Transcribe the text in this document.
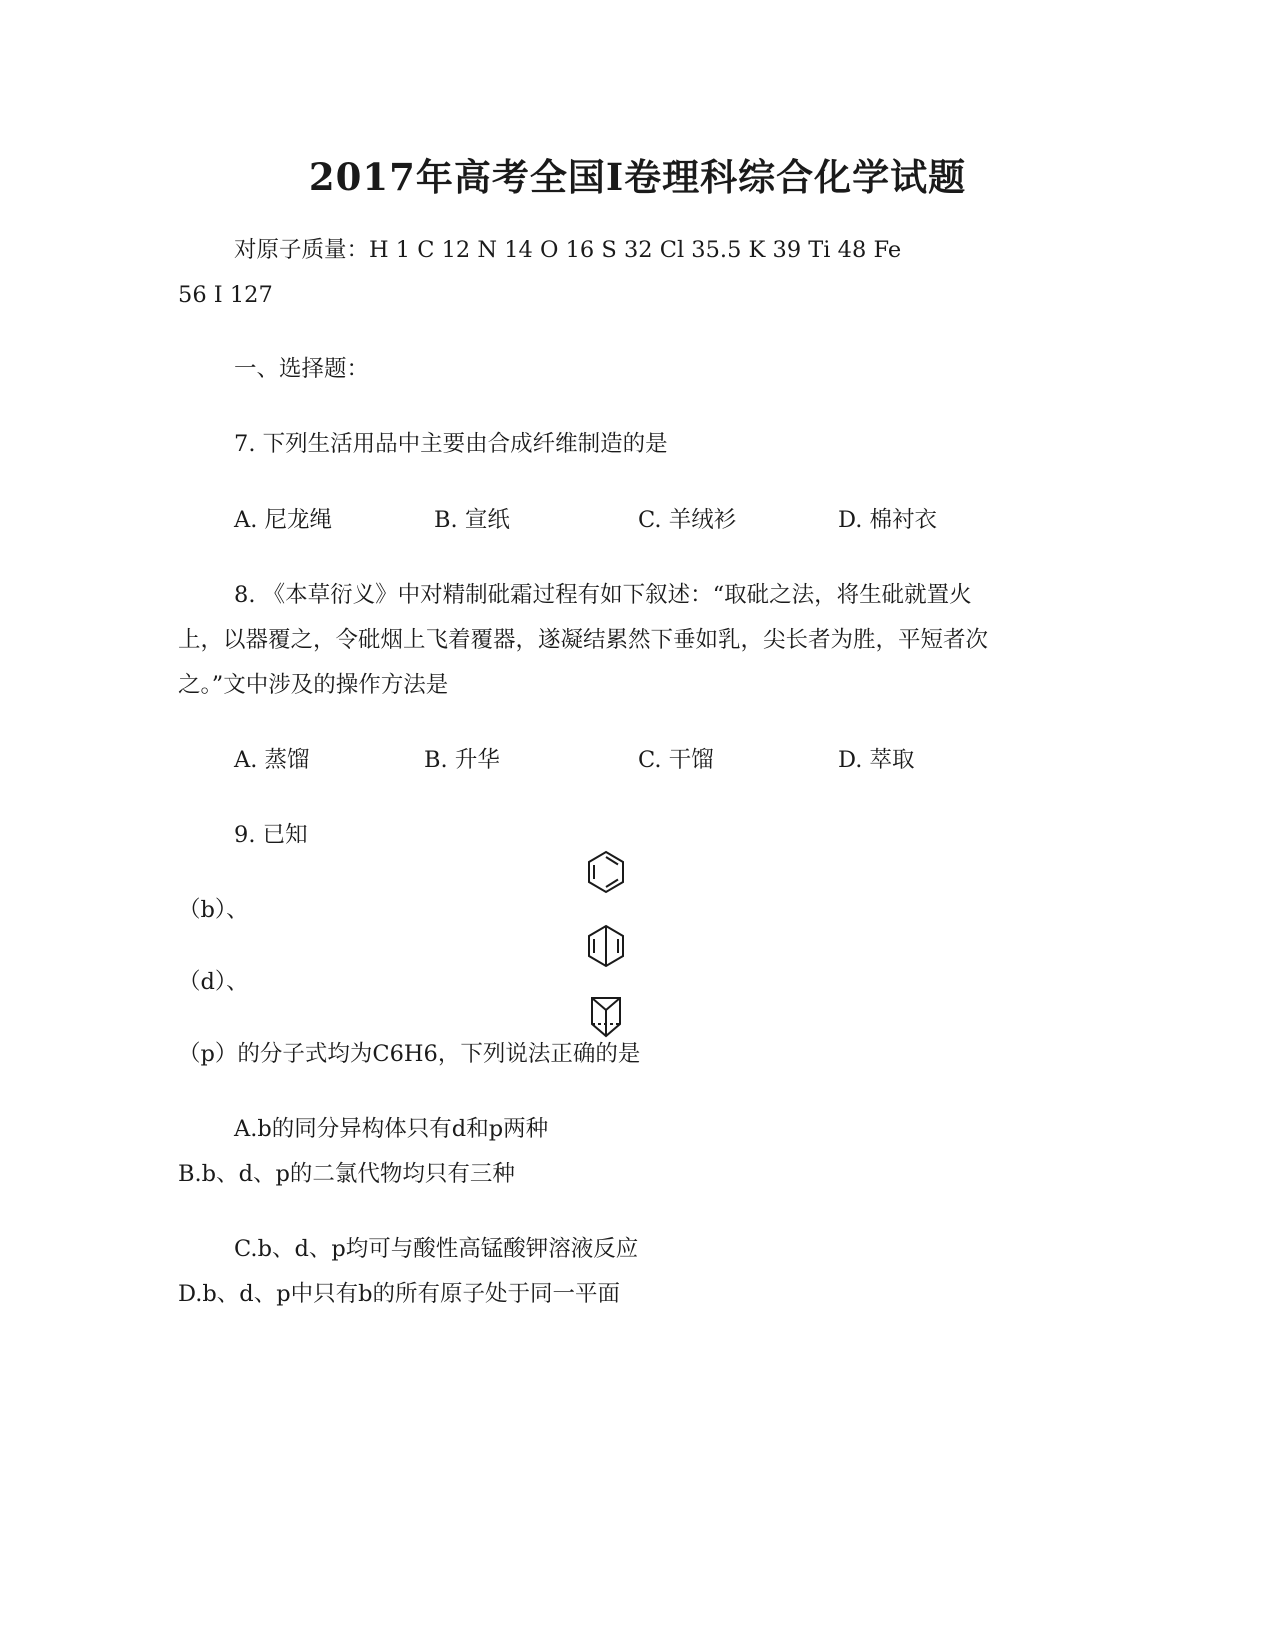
2017年高考全国Ⅰ卷理科综合化学试题
对原子质量：H 1 C 12 N 14 O 16 S 32 Cl 35.5 K 39 Ti 48 Fe
56 I 127
一、选择题：
7. 下列生活用品中主要由合成纤维制造的是
A. 尼龙绳	B. 宣纸	C. 羊绒衫	D. 棉衬衣
8. 《本草衍义》中对精制砒霜过程有如下叙述：“取砒之法，将生砒就置火
上，以器覆之，令砒烟上飞着覆器，遂凝结累然下垂如乳，尖长者为胜，平短者次
之。”文中涉及的操作方法是
A. 蒸馏	B. 升华	C. 干馏	D. 萃取
9. 已知
（b）、
（d）、
（p）的分子式均为C6H6，下列说法正确的是
A.b的同分异构体只有d和p两种
B.b、d、p的二氯代物均只有三种
C.b、d、p均可与酸性高锰酸钾溶液反应
D.b、d、p中只有b的所有原子处于同一平面
